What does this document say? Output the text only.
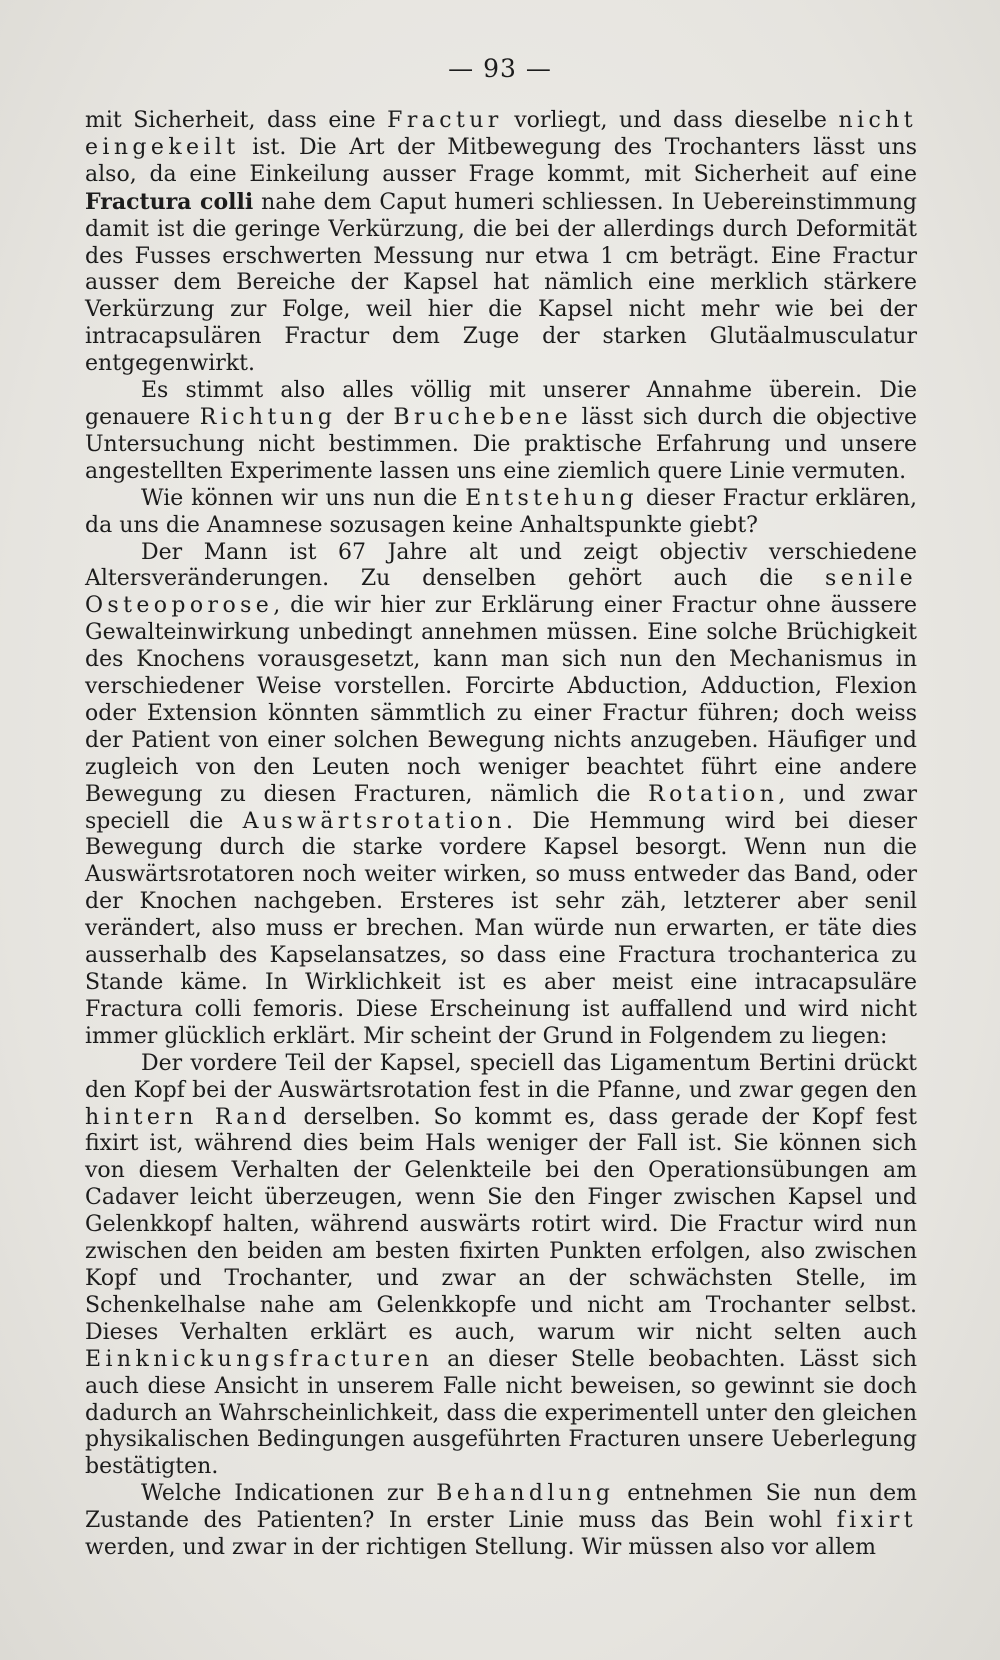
— 93 —

mit Sicherheit, dass eine Fractur vorliegt, und dass dieselbe nicht eingekeilt ist. Die Art der Mitbewegung des Trochanters lässt uns also, da eine Einkeilung ausser Frage kommt, mit Sicherheit auf eine Fractura colli nahe dem Caput humeri schliessen. In Uebereinstimmung damit ist die geringe Verkürzung, die bei der allerdings durch Deformität des Fusses erschwerten Messung nur etwa 1 cm beträgt. Eine Fractur ausser dem Bereiche der Kapsel hat nämlich eine merklich stärkere Verkürzung zur Folge, weil hier die Kapsel nicht mehr wie bei der intracapsulären Fractur dem Zuge der starken Glutäalmusculatur entgegenwirkt.

Es stimmt also alles völlig mit unserer Annahme überein. Die genauere Richtung der Bruchebene lässt sich durch die objective Untersuchung nicht bestimmen. Die praktische Erfahrung und unsere angestellten Experimente lassen uns eine ziemlich quere Linie vermuten.

Wie können wir uns nun die Entstehung dieser Fractur erklären, da uns die Anamnese sozusagen keine Anhaltspunkte giebt?

Der Mann ist 67 Jahre alt und zeigt objectiv verschiedene Altersveränderungen. Zu denselben gehört auch die senile Osteoporose, die wir hier zur Erklärung einer Fractur ohne äussere Gewalteinwirkung unbedingt annehmen müssen. Eine solche Brüchigkeit des Knochens vorausgesetzt, kann man sich nun den Mechanismus in verschiedener Weise vorstellen. Forcirte Abduction, Adduction, Flexion oder Extension könnten sämmtlich zu einer Fractur führen; doch weiss der Patient von einer solchen Bewegung nichts anzugeben. Häufiger und zugleich von den Leuten noch weniger beachtet führt eine andere Bewegung zu diesen Fracturen, nämlich die Rotation, und zwar speciell die Auswärtsrotation. Die Hemmung wird bei dieser Bewegung durch die starke vordere Kapsel besorgt. Wenn nun die Auswärtsrotatoren noch weiter wirken, so muss entweder das Band, oder der Knochen nachgeben. Ersteres ist sehr zäh, letzterer aber senil verändert, also muss er brechen. Man würde nun erwarten, er täte dies ausserhalb des Kapselansatzes, so dass eine Fractura trochanterica zu Stande käme. In Wirklichkeit ist es aber meist eine intracapsuläre Fractura colli femoris. Diese Erscheinung ist auffallend und wird nicht immer glücklich erklärt. Mir scheint der Grund in Folgendem zu liegen:

Der vordere Teil der Kapsel, speciell das Ligamentum Bertini drückt den Kopf bei der Auswärtsrotation fest in die Pfanne, und zwar gegen den hintern Rand derselben. So kommt es, dass gerade der Kopf fest fixirt ist, während dies beim Hals weniger der Fall ist. Sie können sich von diesem Verhalten der Gelenkteile bei den Operationsübungen am Cadaver leicht überzeugen, wenn Sie den Finger zwischen Kapsel und Gelenkkopf halten, während auswärts rotirt wird. Die Fractur wird nun zwischen den beiden am besten fixirten Punkten erfolgen, also zwischen Kopf und Trochanter, und zwar an der schwächsten Stelle, im Schenkelhalse nahe am Gelenkkopfe und nicht am Trochanter selbst. Dieses Verhalten erklärt es auch, warum wir nicht selten auch Einknickungsfracturen an dieser Stelle beobachten. Lässt sich auch diese Ansicht in unserem Falle nicht beweisen, so gewinnt sie doch dadurch an Wahrscheinlichkeit, dass die experimentell unter den gleichen physikalischen Bedingungen ausgeführten Fracturen unsere Ueberlegung bestätigten.

Welche Indicationen zur Behandlung entnehmen Sie nun dem Zustande des Patienten? In erster Linie muss das Bein wohl fixirt werden, und zwar in der richtigen Stellung. Wir müssen also vor allem
